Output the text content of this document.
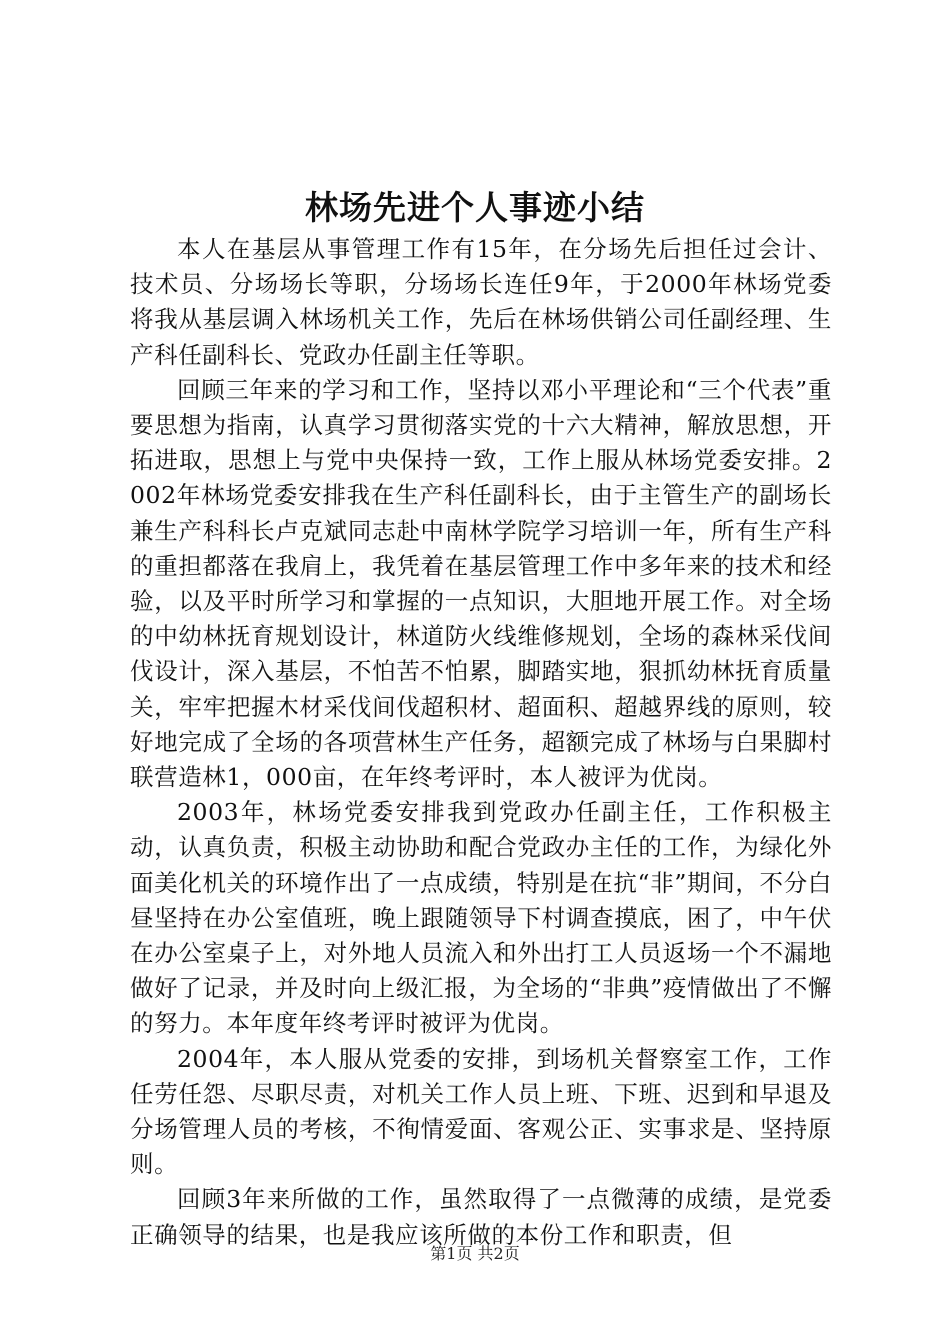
林场先进个人事迹小结

本人在基层从事管理工作有15年，在分场先后担任过会计、技术员、分场场长等职，分场场长连任9年，于2000年林场党委将我从基层调入林场机关工作，先后在林场供销公司任副经理、生产科任副科长、党政办任副主任等职。

回顾三年来的学习和工作，坚持以邓小平理论和“三个代表”重要思想为指南，认真学习贯彻落实党的十六大精神，解放思想，开拓进取，思想上与党中央保持一致，工作上服从林场党委安排。2002年林场党委安排我在生产科任副科长，由于主管生产的副场长兼生产科科长卢克斌同志赴中南林学院学习培训一年，所有生产科的重担都落在我肩上，我凭着在基层管理工作中多年来的技术和经验，以及平时所学习和掌握的一点知识，大胆地开展工作。对全场的中幼林抚育规划设计，林道防火线维修规划，全场的森林采伐间伐设计，深入基层，不怕苦不怕累，脚踏实地，狠抓幼林抚育质量关，牢牢把握木材采伐间伐超积材、超面积、超越界线的原则，较好地完成了全场的各项营林生产任务，超额完成了林场与白果脚村联营造林1，000亩，在年终考评时，本人被评为优岗。

2003年，林场党委安排我到党政办任副主任，工作积极主动，认真负责，积极主动协助和配合党政办主任的工作，为绿化外面美化机关的环境作出了一点成绩，特别是在抗“非”期间，不分白昼坚持在办公室值班，晚上跟随领导下村调查摸底，困了，中午伏在办公室桌子上，对外地人员流入和外出打工人员返场一个不漏地做好了记录，并及时向上级汇报，为全场的“非典”疫情做出了不懈的努力。本年度年终考评时被评为优岗。

2004年，本人服从党委的安排，到场机关督察室工作，工作任劳任怨、尽职尽责，对机关工作人员上班、下班、迟到和早退及分场管理人员的考核，不徇情爱面、客观公正、实事求是、坚持原则。

回顾3年来所做的工作，虽然取得了一点微薄的成绩，是党委正确领导的结果，也是我应该所做的本份工作和职责，但

第1页 共2页
